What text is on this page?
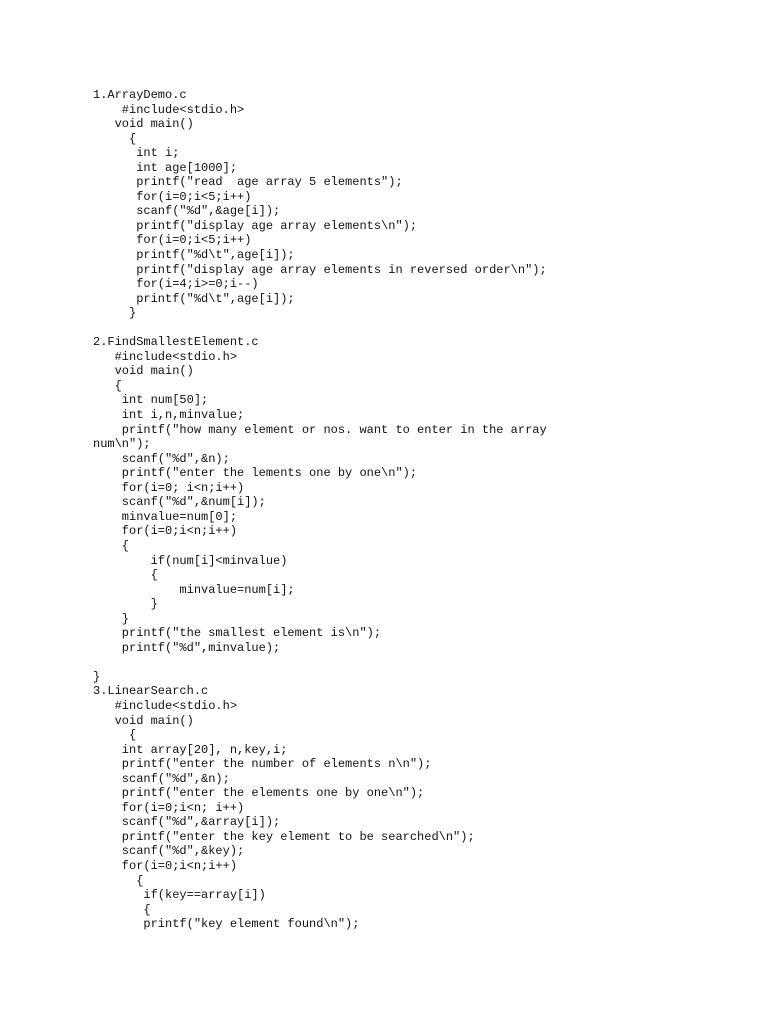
1.ArrayDemo.c
#include<stdio.h>
void main()
{
int i;
int age[1000];
printf("read  age array 5 elements");
for(i=0;i<5;i++)
scanf("%d",&age[i]);
printf("display age array elements\n");
for(i=0;i<5;i++)
printf("%d\t",age[i]);
printf("display age array elements in reversed order\n");
for(i=4;i>=0;i--)
printf("%d\t",age[i]);
}
2.FindSmallestElement.c
#include<stdio.h>
void main()
{
int num[50];
int i,n,minvalue;
printf("how many element or nos. want to enter in the array
num\n");
scanf("%d",&n);
printf("enter the lements one by one\n");
for(i=0; i<n;i++)
scanf("%d",&num[i]);
minvalue=num[0];
for(i=0;i<n;i++)
{
if(num[i]<minvalue)
{
minvalue=num[i];
}
}
printf("the smallest element is\n");
printf("%d",minvalue);
}
3.LinearSearch.c
#include<stdio.h>
void main()
{
int array[20], n,key,i;
printf("enter the number of elements n\n");
scanf("%d",&n);
printf("enter the elements one by one\n");
for(i=0;i<n; i++)
scanf("%d",&array[i]);
printf("enter the key element to be searched\n");
scanf("%d",&key);
for(i=0;i<n;i++)
{
if(key==array[i])
{
printf("key element found\n");
